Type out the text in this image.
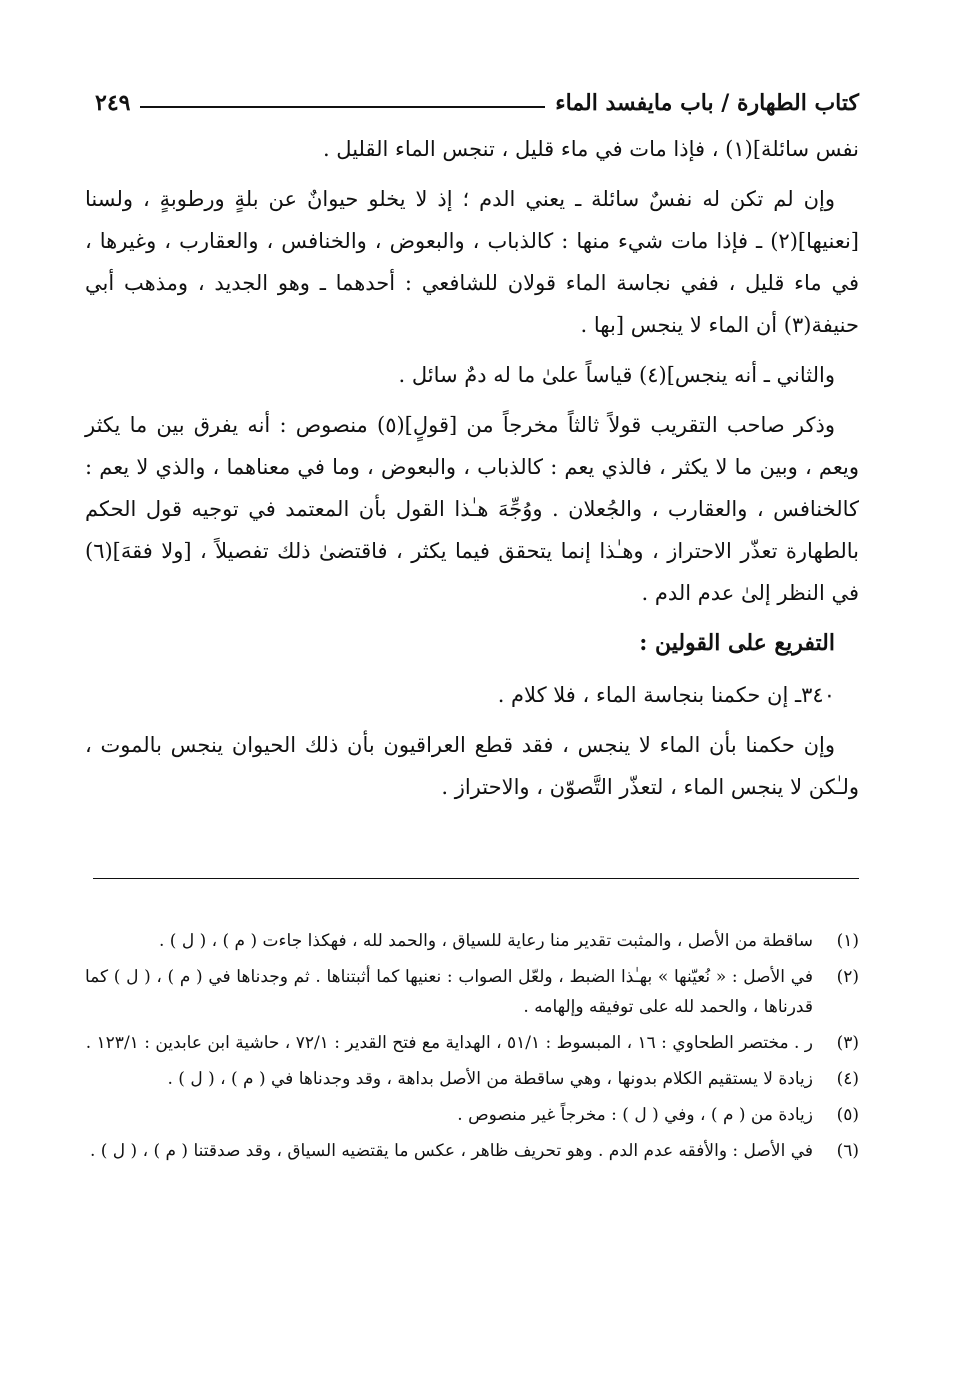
كتاب الطهارة / باب مايفسد الماء
٢٤٩

نفس سائلة](١) ، فإذا مات في ماء قليل ، تنجس الماء القليل .

وإن لم تكن له نفسٌ سائلة ـ يعني الدم ؛ إذ لا يخلو حيوانٌ عن بلةٍ ورطوبةٍ ، ولسنا [نعنيها](٢) ـ فإذا مات شيء منها : كالذباب ، والبعوض ، والخنافس ، والعقارب ، وغيرها ، في ماء قليل ، ففي نجاسة الماء قولان للشافعي : أحدهما ـ وهو الجديد ، ومذهب أبي حنيفة(٣) أن الماء لا ينجس [بها .

والثاني ـ أنه ينجس](٤) قياساً علىٰ ما له دمٌ سائل .

وذكر صاحب التقريب قولاً ثالثاً مخرجاً من [قولٍ](٥) منصوص : أنه يفرق بين ما يكثر ويعم ، وبين ما لا يكثر ، فالذي يعم : كالذباب ، والبعوض ، وما في معناهما ، والذي لا يعم : كالخنافس ، والعقارب ، والجُعلان . ووُجِّهَ هـٰذا القول بأن المعتمد في توجيه قول الحكم بالطهارة تعذّر الاحتراز ، وهـٰذا إنما يتحقق فيما يكثر ، فاقتضىٰ ذلك تفصيلاً ، [ولا فقهَ](٦) في النظر إلىٰ عدم الدم .

التفريع على القولين :

٣٤٠ـ إن حكمنا بنجاسة الماء ، فلا كلام .

وإن حكمنا بأن الماء لا ينجس ، فقد قطع العراقيون بأن ذلك الحيوان ينجس بالموت ، ولـٰكن لا ينجس الماء ، لتعذّر التَّصوّن ، والاحتراز .

(١)
ساقطة من الأصل ، والمثبت تقدير منا رعاية للسياق ، والحمد لله ، فهكذا جاءت ( م ) ، ( ل ) .
(٢)
في الأصل : « نُعيّنها » بهـٰذا الضبط ، ولعّل الصواب : نعنيها كما أثبتناها . ثم وجدناها في ( م ) ، ( ل ) كما قدرناها ، والحمد لله على توفيقه وإلهامه .
(٣)
ر . مختصر الطحاوي : ١٦ ، المبسوط : ٥١/١ ، الهداية مع فتح القدير : ٧٢/١ ، حاشية ابن عابدين : ١٢٣/١ .
(٤)
زيادة لا يستقيم الكلام بدونها ، وهي ساقطة من الأصل بداهة ، وقد وجدناها في ( م ) ، ( ل ) .
(٥)
زيادة من ( م ) ، وفي ( ل ) : مخرجاً غير منصوص .
(٦)
في الأصل : والأفقه عدم الدم . وهو تحريف ظاهر ، عكس ما يقتضيه السياق ، وقد صدقتنا ( م ) ، ( ل ) .
